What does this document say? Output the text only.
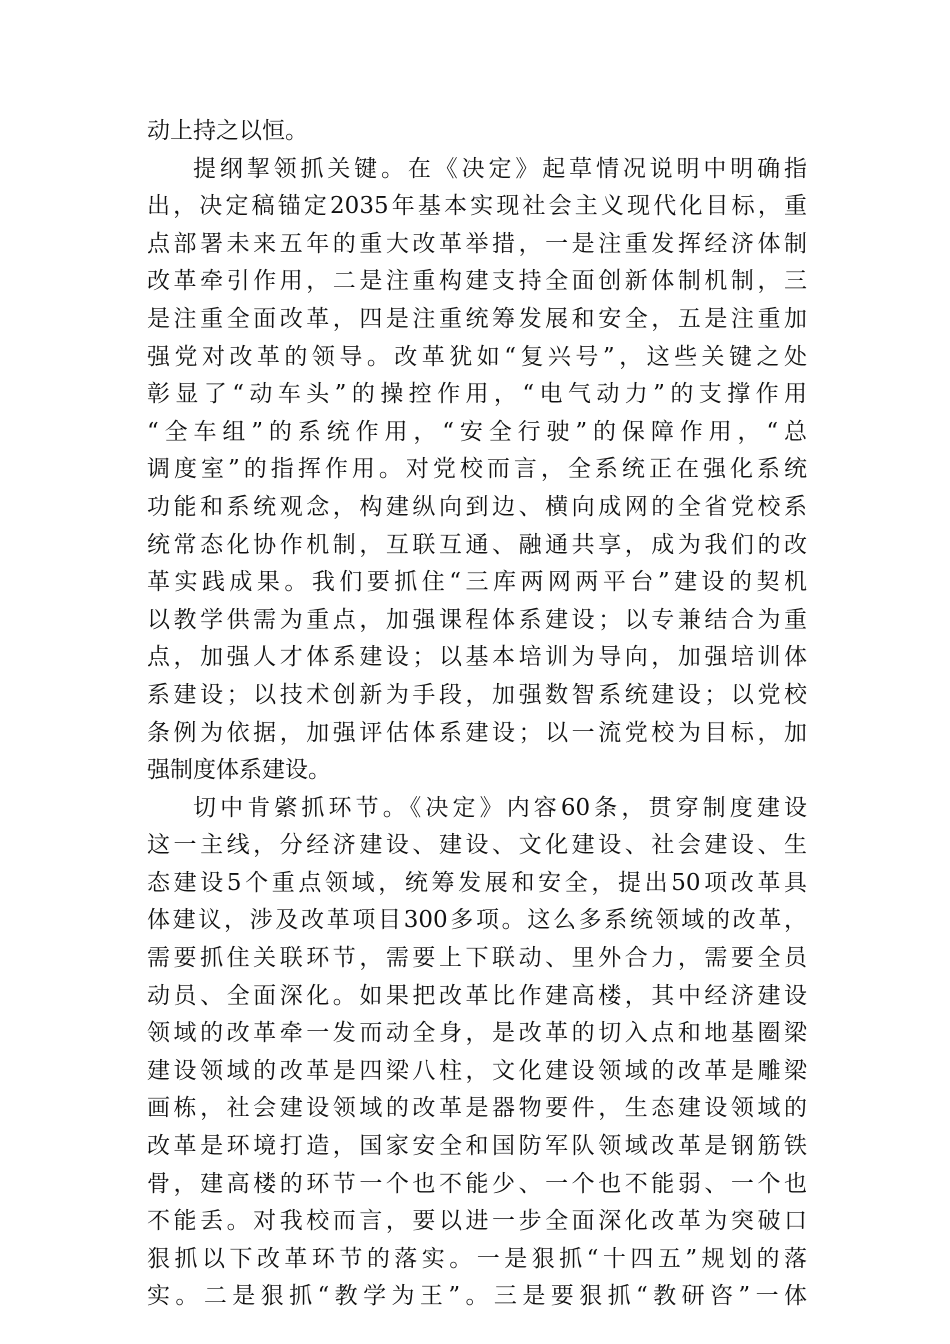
动上持之以恒。
提纲挈领抓关键。在《决定》起草情况说明中明确指
出，决定稿锚定2035年基本实现社会主义现代化目标，重
点部署未来五年的重大改革举措，一是注重发挥经济体制
改革牵引作用，二是注重构建支持全面创新体制机制，三
是注重全面改革，四是注重统筹发展和安全，五是注重加
强党对改革的领导。改革犹如“复兴号”，这些关键之处
彰显了“动车头”的操控作用，“电气动力”的支撑作用
“全车组”的系统作用，“安全行驶”的保障作用，“总
调度室”的指挥作用。对党校而言，全系统正在强化系统
功能和系统观念，构建纵向到边、横向成网的全省党校系
统常态化协作机制，互联互通、融通共享，成为我们的改
革实践成果。我们要抓住“三库两网两平台”建设的契机
以教学供需为重点，加强课程体系建设；以专兼结合为重
点，加强人才体系建设；以基本培训为导向，加强培训体
系建设；以技术创新为手段，加强数智系统建设；以党校
条例为依据，加强评估体系建设；以一流党校为目标，加
强制度体系建设。
切中肯綮抓环节。《决定》内容60条，贯穿制度建设
这一主线，分经济建设、建设、文化建设、社会建设、生
态建设5个重点领域，统筹发展和安全，提出50项改革具
体建议，涉及改革项目300多项。这么多系统领域的改革，
需要抓住关联环节，需要上下联动、里外合力，需要全员
动员、全面深化。如果把改革比作建高楼，其中经济建设
领域的改革牵一发而动全身，是改革的切入点和地基圈梁
建设领域的改革是四梁八柱，文化建设领域的改革是雕梁
画栋，社会建设领域的改革是器物要件，生态建设领域的
改革是环境打造，国家安全和国防军队领域改革是钢筋铁
骨，建高楼的环节一个也不能少、一个也不能弱、一个也
不能丢。对我校而言，要以进一步全面深化改革为突破口
狠抓以下改革环节的落实。一是狠抓“十四五”规划的落
实。二是狠抓“教学为王”。三是要狠抓“教研咨”一体
